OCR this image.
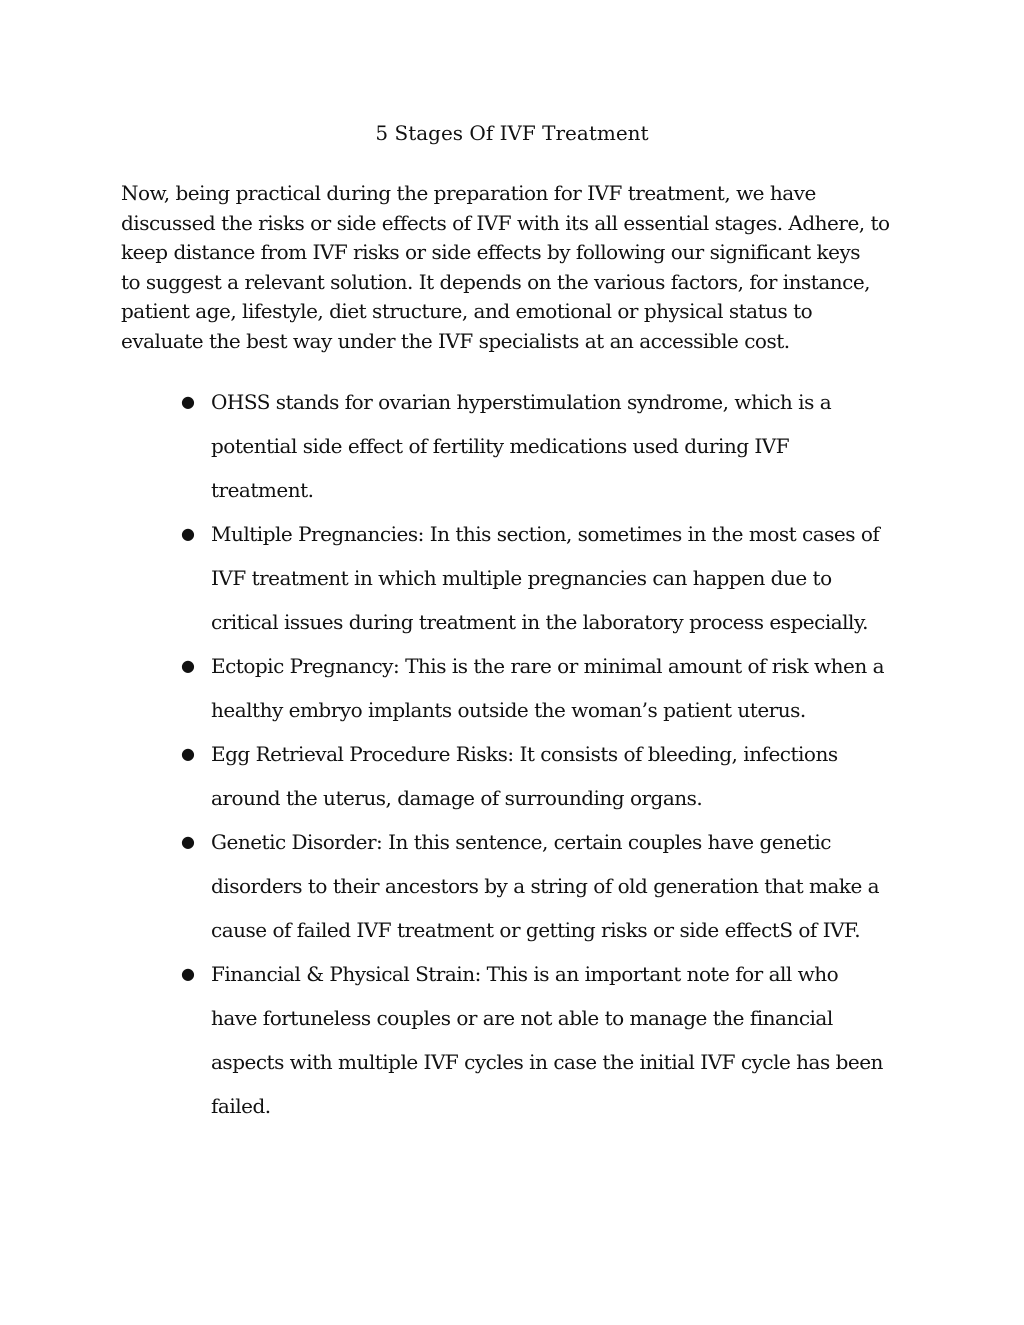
5 Stages Of IVF Treatment

Now, being practical during the preparation for IVF treatment, we have
discussed the risks or side effects of IVF with its all essential stages. Adhere, to
keep distance from IVF risks or side effects by following our significant keys
to suggest a relevant solution. It depends on the various factors, for instance,
patient age, lifestyle, diet structure, and emotional or physical status to
evaluate the best way under the IVF specialists at an accessible cost.

● OHSS stands for ovarian hyperstimulation syndrome, which is a
potential side effect of fertility medications used during IVF
treatment.
● Multiple Pregnancies: In this section, sometimes in the most cases of
IVF treatment in which multiple pregnancies can happen due to
critical issues during treatment in the laboratory process especially.
● Ectopic Pregnancy: This is the rare or minimal amount of risk when a
healthy embryo implants outside the woman’s patient uterus.
● Egg Retrieval Procedure Risks: It consists of bleeding, infections
around the uterus, damage of surrounding organs.
● Genetic Disorder: In this sentence, certain couples have genetic
disorders to their ancestors by a string of old generation that make a
cause of failed IVF treatment or getting risks or side effectS of IVF.
● Financial & Physical Strain: This is an important note for all who
have fortuneless couples or are not able to manage the financial
aspects with multiple IVF cycles in case the initial IVF cycle has been
failed.
